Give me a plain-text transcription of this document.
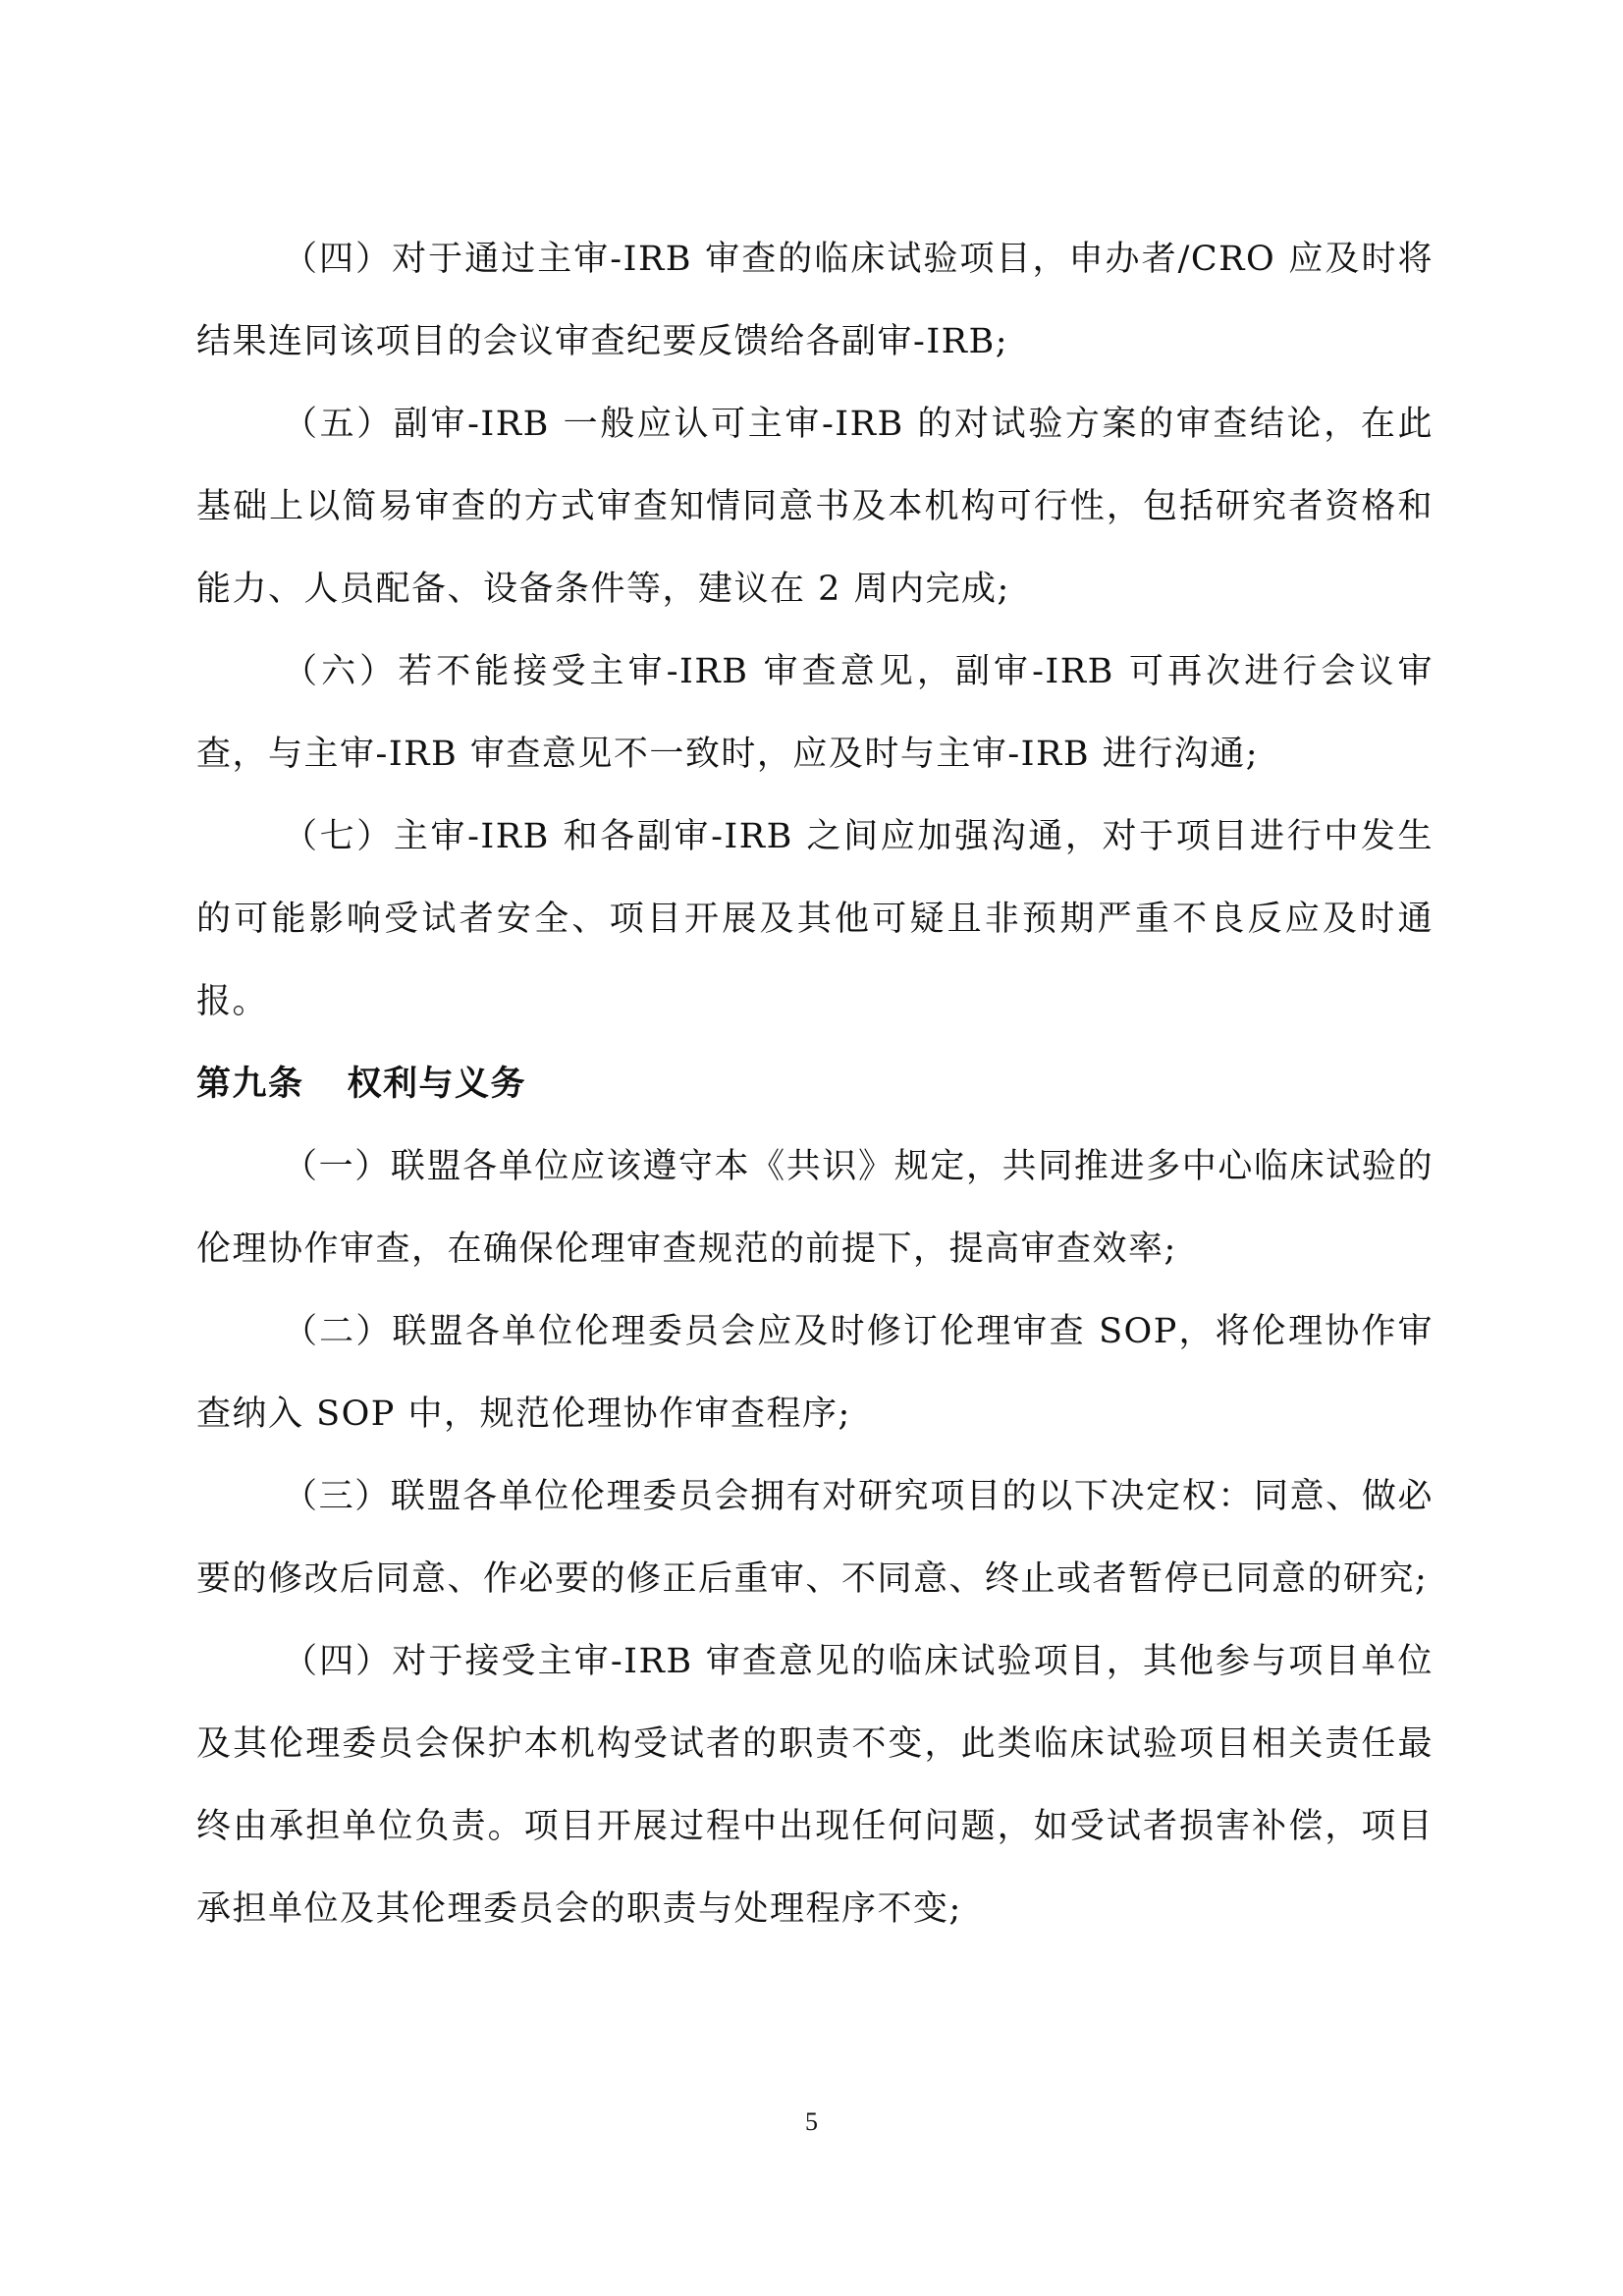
（四）对于通过主审-IRB 审查的临床试验项目，申办者/CRO 应及时将结果连同该项目的会议审查纪要反馈给各副审-IRB;

（五）副审-IRB 一般应认可主审-IRB 的对试验方案的审查结论，在此基础上以简易审查的方式审查知情同意书及本机构可行性，包括研究者资格和能力、人员配备、设备条件等，建议在 2 周内完成;

（六）若不能接受主审-IRB 审查意见，副审-IRB 可再次进行会议审查，与主审-IRB 审查意见不一致时，应及时与主审-IRB 进行沟通;

（七）主审-IRB 和各副审-IRB 之间应加强沟通，对于项目进行中发生的可能影响受试者安全、项目开展及其他可疑且非预期严重不良反应及时通报。

第九条 权利与义务

（一）联盟各单位应该遵守本《共识》规定，共同推进多中心临床试验的伦理协作审查，在确保伦理审查规范的前提下，提高审查效率;

（二）联盟各单位伦理委员会应及时修订伦理审查 SOP，将伦理协作审查纳入 SOP 中，规范伦理协作审查程序;

（三）联盟各单位伦理委员会拥有对研究项目的以下决定权：同意、做必要的修改后同意、作必要的修正后重审、不同意、终止或者暂停已同意的研究;

（四）对于接受主审-IRB 审查意见的临床试验项目，其他参与项目单位及其伦理委员会保护本机构受试者的职责不变，此类临床试验项目相关责任最终由承担单位负责。项目开展过程中出现任何问题，如受试者损害补偿，项目承担单位及其伦理委员会的职责与处理程序不变;

5
